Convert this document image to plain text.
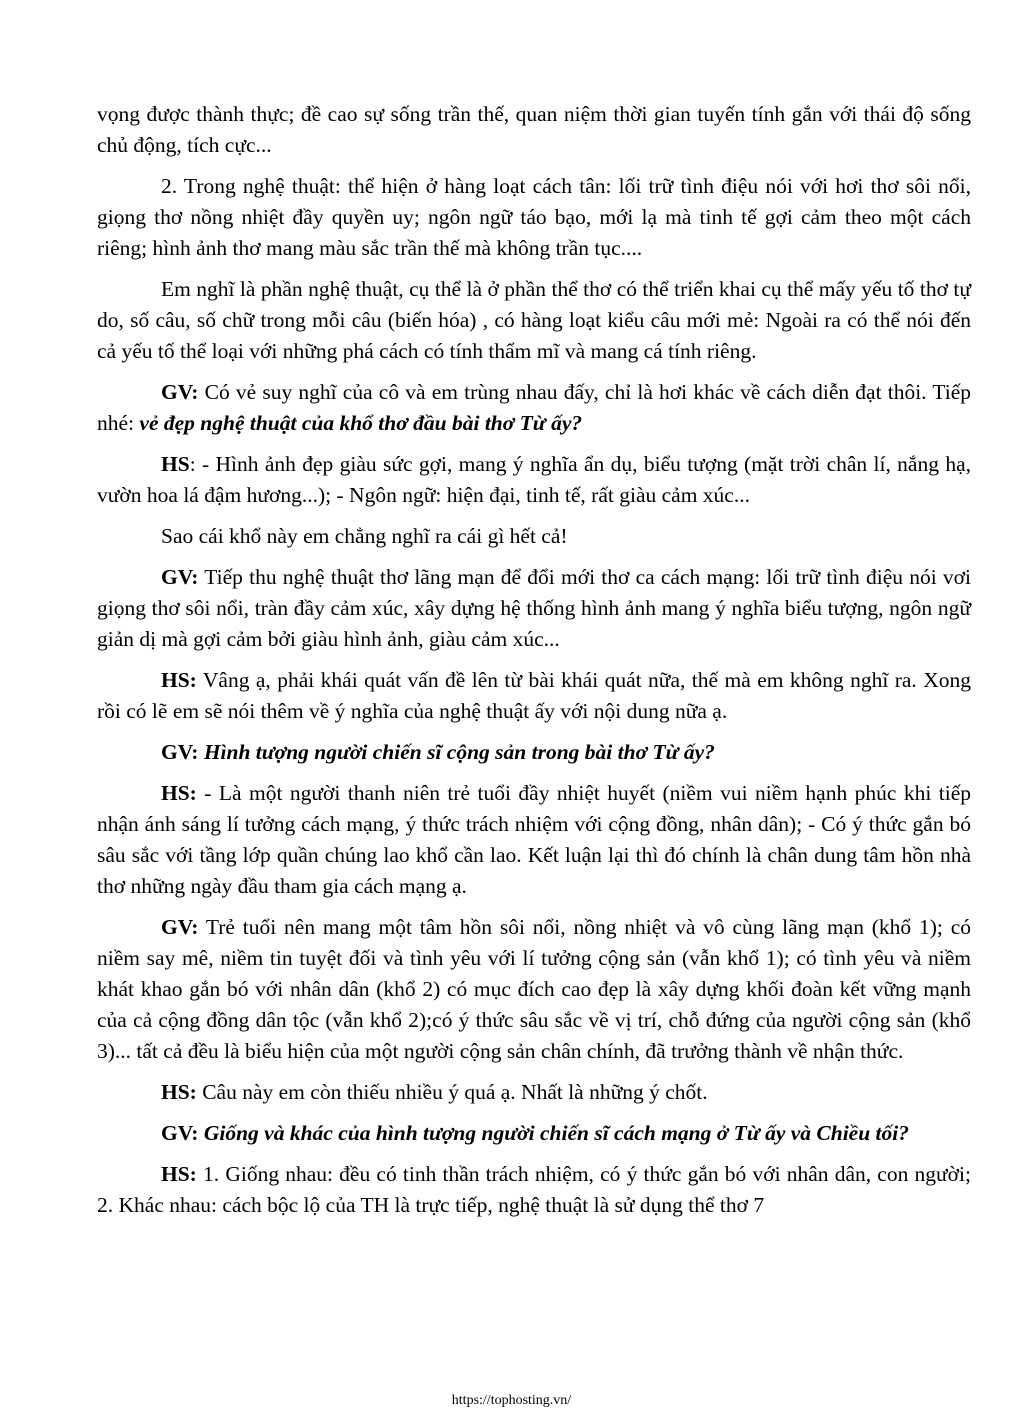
vọng được thành thực; đề cao sự sống trần thế, quan niệm thời gian tuyến tính gắn với thái độ sống chủ động, tích cực...

2. Trong nghệ thuật: thể hiện ở hàng loạt cách tân: lối trữ tình điệu nói với hơi thơ sôi nổi, giọng thơ nồng nhiệt đầy quyền uy; ngôn ngữ táo bạo, mới lạ mà tinh tế gợi cảm theo một cách riêng; hình ảnh thơ mang màu sắc trần thế mà không trần tục....

Em nghĩ là phần nghệ thuật, cụ thể là ở phần thể thơ có thể triển khai cụ thể mấy yếu tố thơ tự do, số câu, số chữ trong mỗi câu (biến hóa) , có hàng loạt kiểu câu mới mẻ: Ngoài ra có thể nói đến cả yếu tố thể loại với những phá cách có tính thẩm mĩ và mang cá tính riêng.

GV: Có vẻ suy nghĩ của cô và em trùng nhau đấy, chỉ là hơi khác về cách diễn đạt thôi. Tiếp nhé: vẻ đẹp nghệ thuật của khổ thơ đầu bài thơ Từ ấy?

HS: - Hình ảnh đẹp giàu sức gợi, mang ý nghĩa ẩn dụ, biểu tượng (mặt trời chân lí, nắng hạ, vườn hoa lá đậm hương...); - Ngôn ngữ: hiện đại, tinh tế, rất giàu cảm xúc...

Sao cái khổ này em chẳng nghĩ ra cái gì hết cả!

GV: Tiếp thu nghệ thuật thơ lãng mạn để đổi mới thơ ca cách mạng: lối trữ tình điệu nói vơi giọng thơ sôi nổi, tràn đầy cảm xúc, xây dựng hệ thống hình ảnh mang ý nghĩa biểu tượng, ngôn ngữ giản dị mà gợi cảm bởi giàu hình ảnh, giàu cảm xúc...

HS: Vâng ạ, phải khái quát vấn đề lên từ bài khái quát nữa, thế mà em không nghĩ ra. Xong rồi có lẽ em sẽ nói thêm về ý nghĩa của nghệ thuật ấy với nội dung nữa ạ.

GV: Hình tượng người chiến sĩ cộng sản trong bài thơ Từ ấy?

HS: - Là một người thanh niên trẻ tuổi đầy nhiệt huyết (niềm vui niềm hạnh phúc khi tiếp nhận ánh sáng lí tưởng cách mạng, ý thức trách nhiệm với cộng đồng, nhân dân); - Có ý thức gắn bó sâu sắc với tầng lớp quần chúng lao khổ cần lao. Kết luận lại thì đó chính là chân dung tâm hồn nhà thơ những ngày đầu tham gia cách mạng ạ.

GV: Trẻ tuổi nên mang một tâm hồn sôi nổi, nồng nhiệt và vô cùng lãng mạn (khổ 1); có niềm say mê, niềm tin tuyệt đối và tình yêu với lí tưởng cộng sản (vẫn khổ 1); có tình yêu và niềm khát khao gắn bó với nhân dân (khổ 2) có mục đích cao đẹp là xây dựng khối đoàn kết vững mạnh của cả cộng đồng dân tộc (vẫn khổ 2);có ý thức sâu sắc về vị trí, chỗ đứng của người cộng sản (khổ 3)... tất cả đều là biểu hiện của một người cộng sản chân chính, đã trưởng thành về nhận thức.

HS: Câu này em còn thiếu nhiều ý quá ạ. Nhất là những ý chốt.

GV: Giống và khác của hình tượng người chiến sĩ cách mạng ở Từ ấy và Chiều tối?

HS: 1. Giống nhau: đều có tinh thần trách nhiệm, có ý thức gắn bó với nhân dân, con người; 2. Khác nhau: cách bộc lộ của TH là trực tiếp, nghệ thuật là sử dụng thể thơ 7

https://tophosting.vn/
